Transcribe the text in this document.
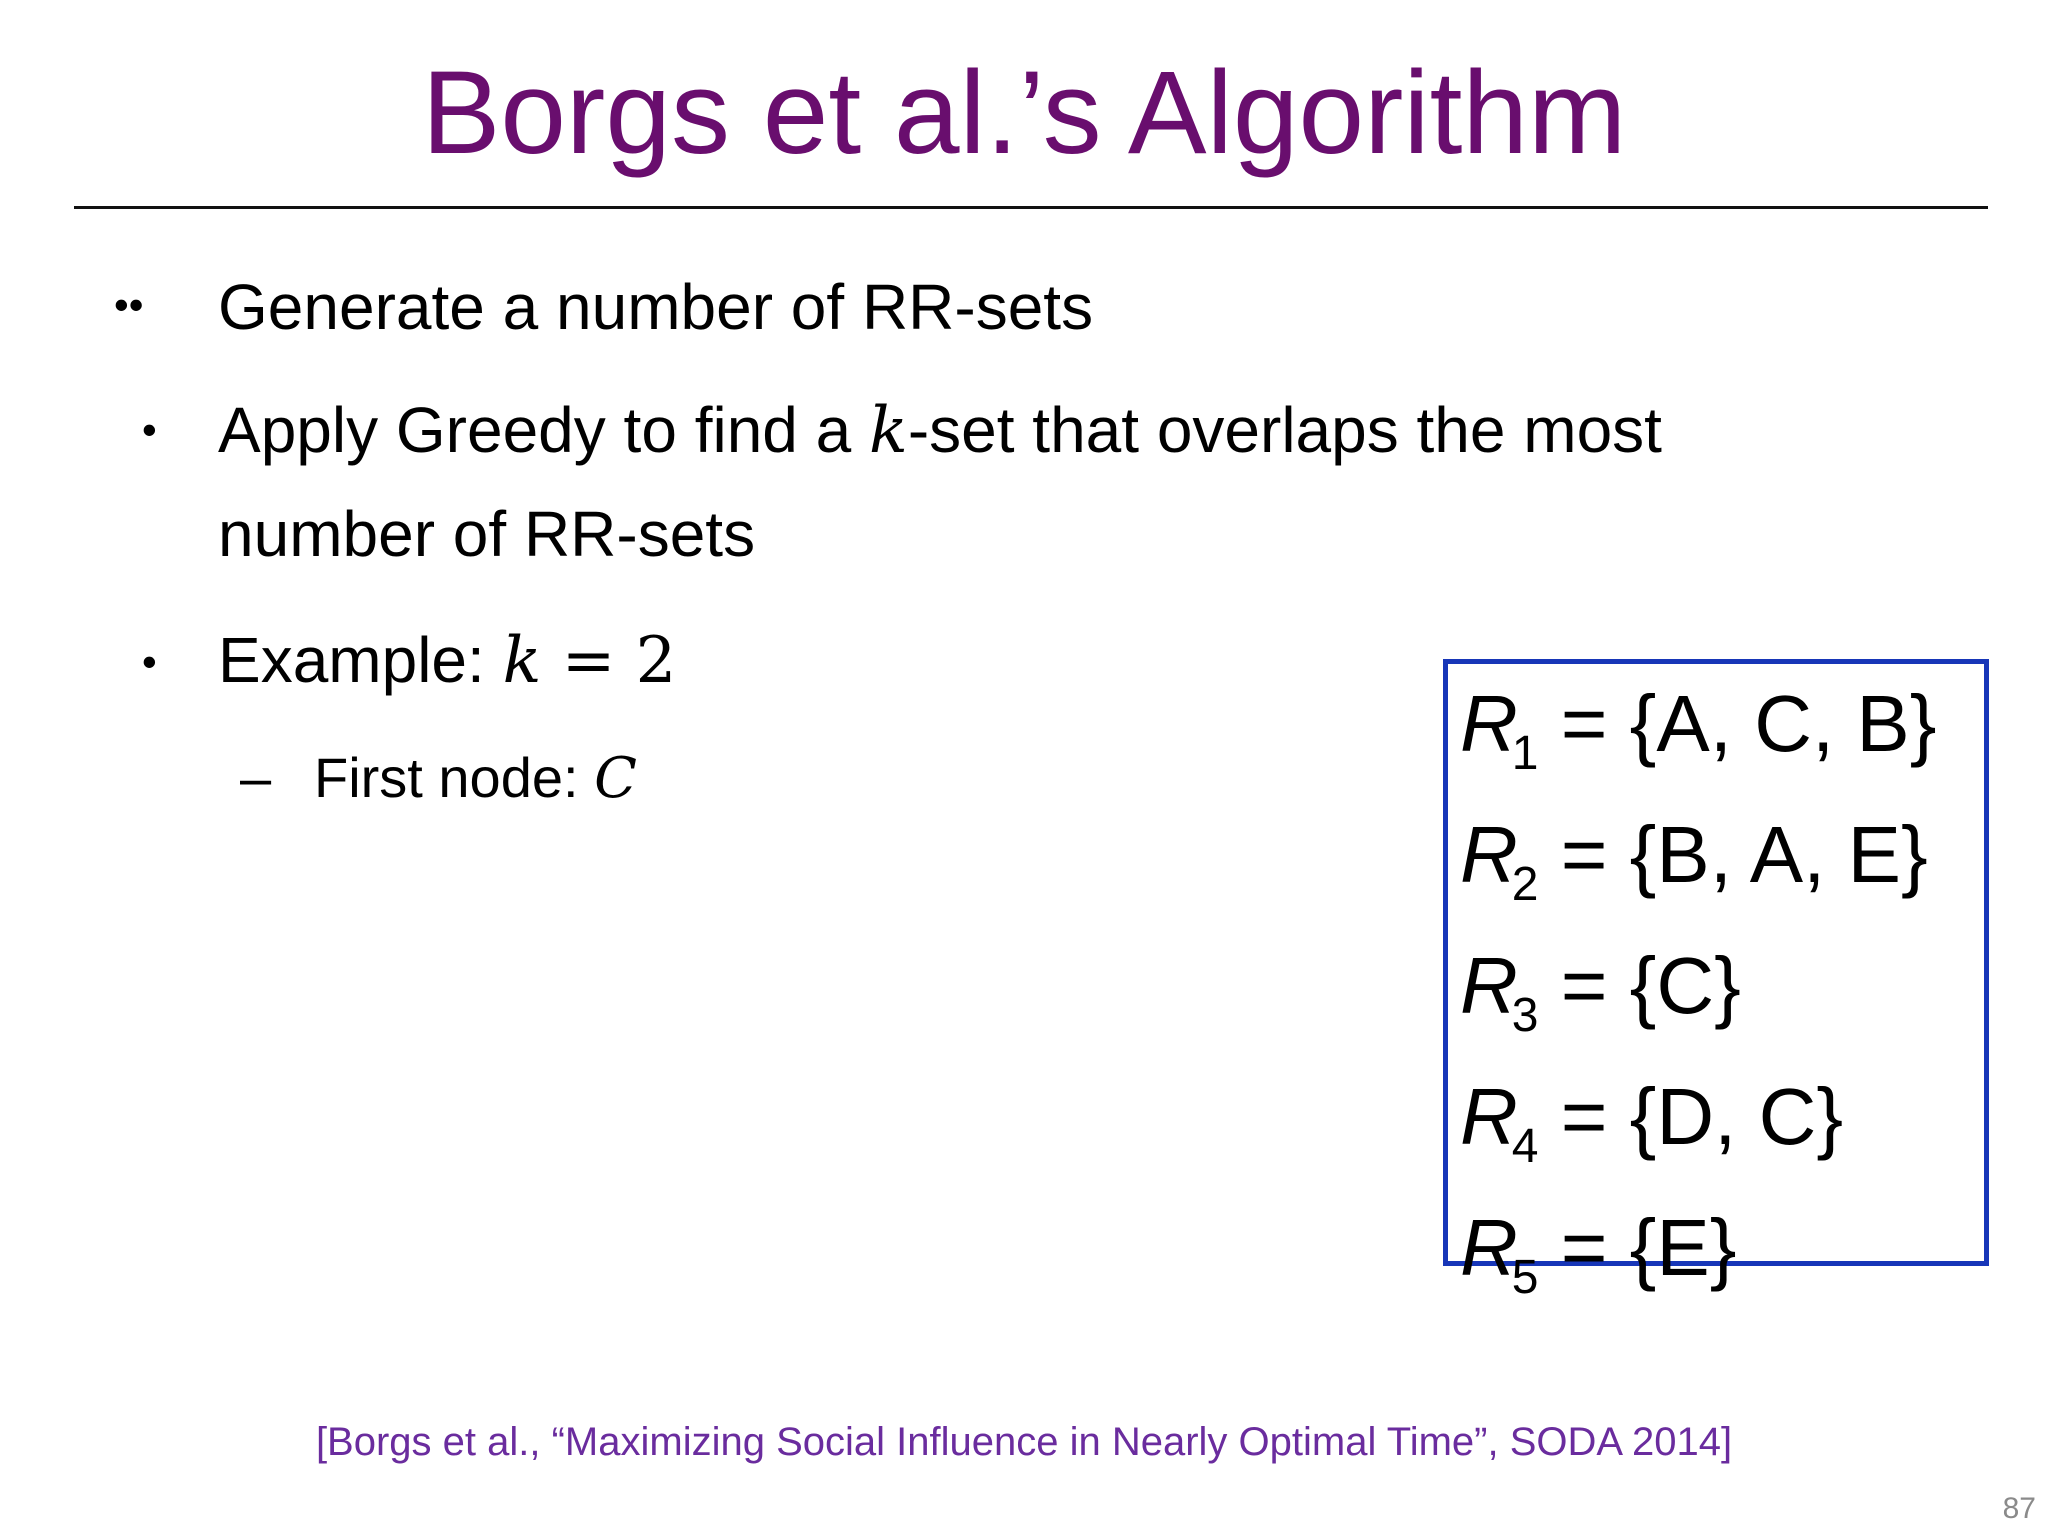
Borgs et al.’s Algorithm
•• Generate a number of RR-sets
• Apply Greedy to find a k-set that overlaps the most
number of RR-sets
• Example: k = 2
– First node: C
$R_1 = \{A$, C, B}
$R_2 = \{B$, A, E}
$R_3 = \{C\}$
$R_4 = \{D$, C}
$R_5 = \{E\}$
[Borgs et al., “Maximizing Social Influence in Nearly Optimal Time”, SODA 2014]
87
